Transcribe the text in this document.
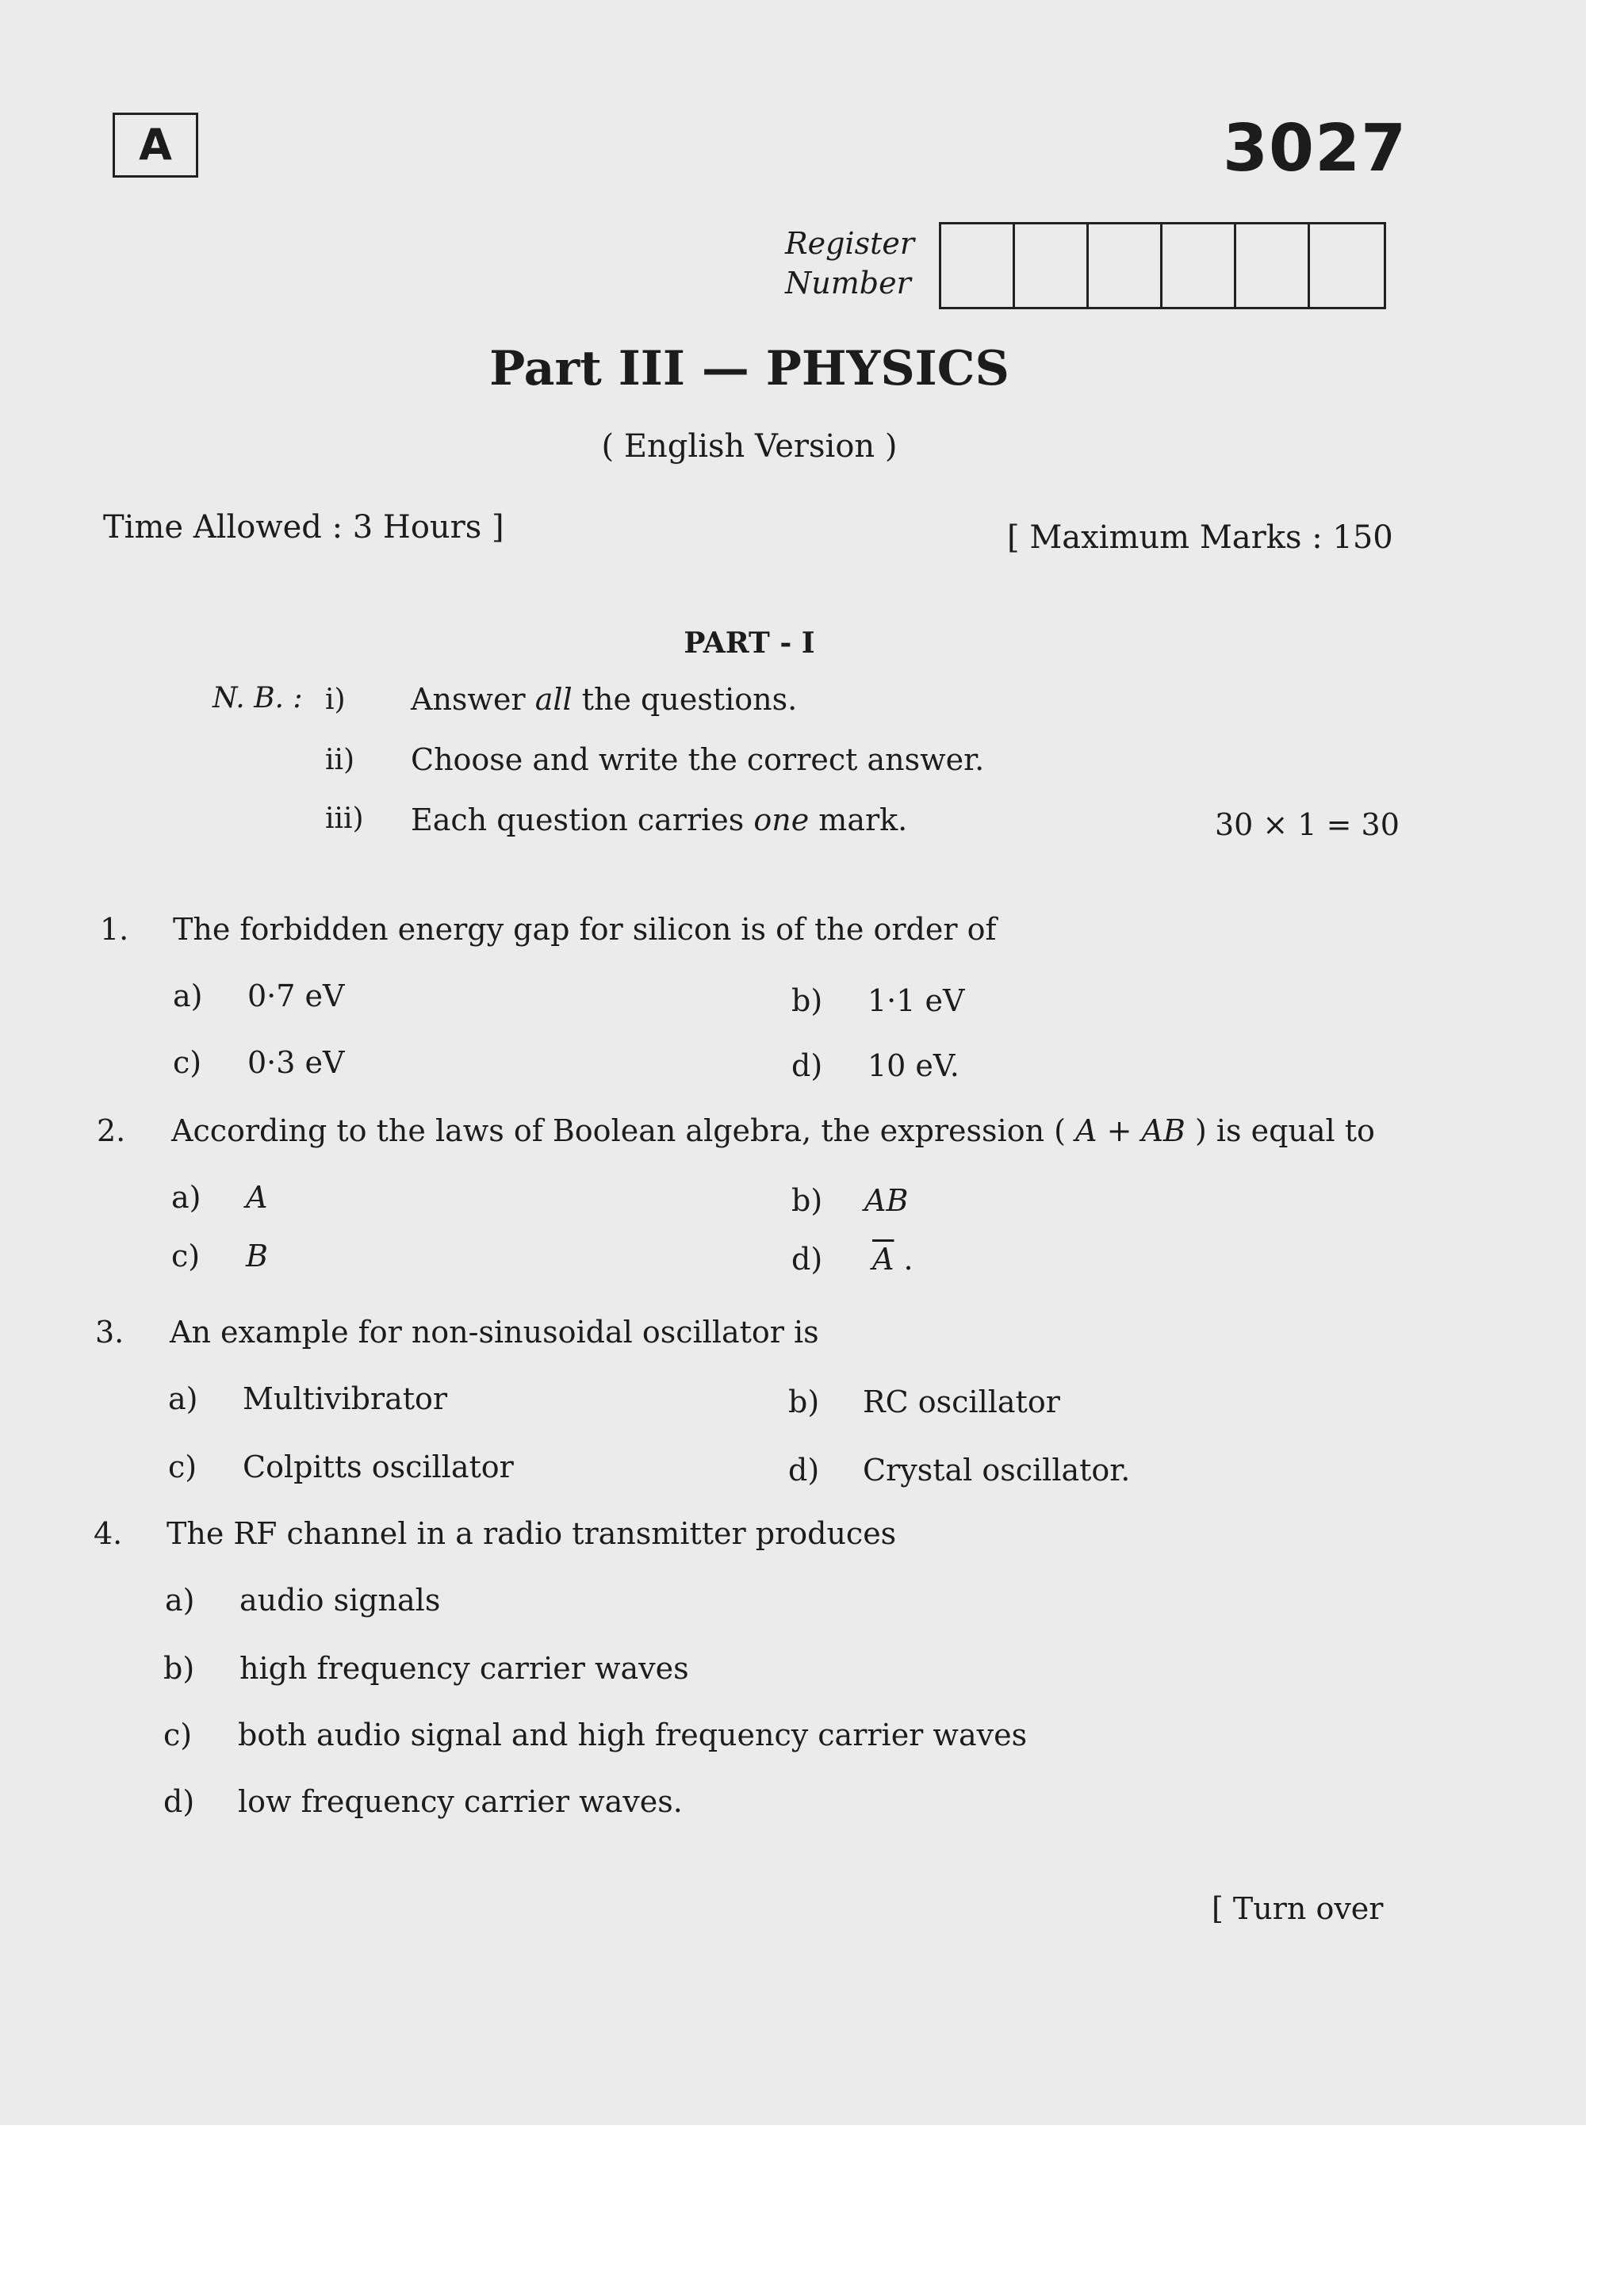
A	3027
Register
Number
Part III — PHYSICS
( English Version )
Time Allowed : 3 Hours ]	[ Maximum Marks : 150
PART - I
N. B. : i) Answer all the questions.
ii) Choose and write the correct answer.
iii) Each question carries one mark.	30 × 1 = 30
1. The forbidden energy gap for silicon is of the order of
a) 0·7 eV	b) 1·1 eV
c) 0·3 eV	d) 10 eV.
2. According to the laws of Boolean algebra, the expression ( A + AB ) is equal to
a) A	b) AB
c) B	d) $\overline{A}$ .
3. An example for non-sinusoidal oscillator is
a) Multivibrator	b) RC oscillator
c) Colpitts oscillator	d) Crystal oscillator.
4. The RF channel in a radio transmitter produces
a) audio signals
b) high frequency carrier waves
c) both audio signal and high frequency carrier waves
d) low frequency carrier waves.
[ Turn over
